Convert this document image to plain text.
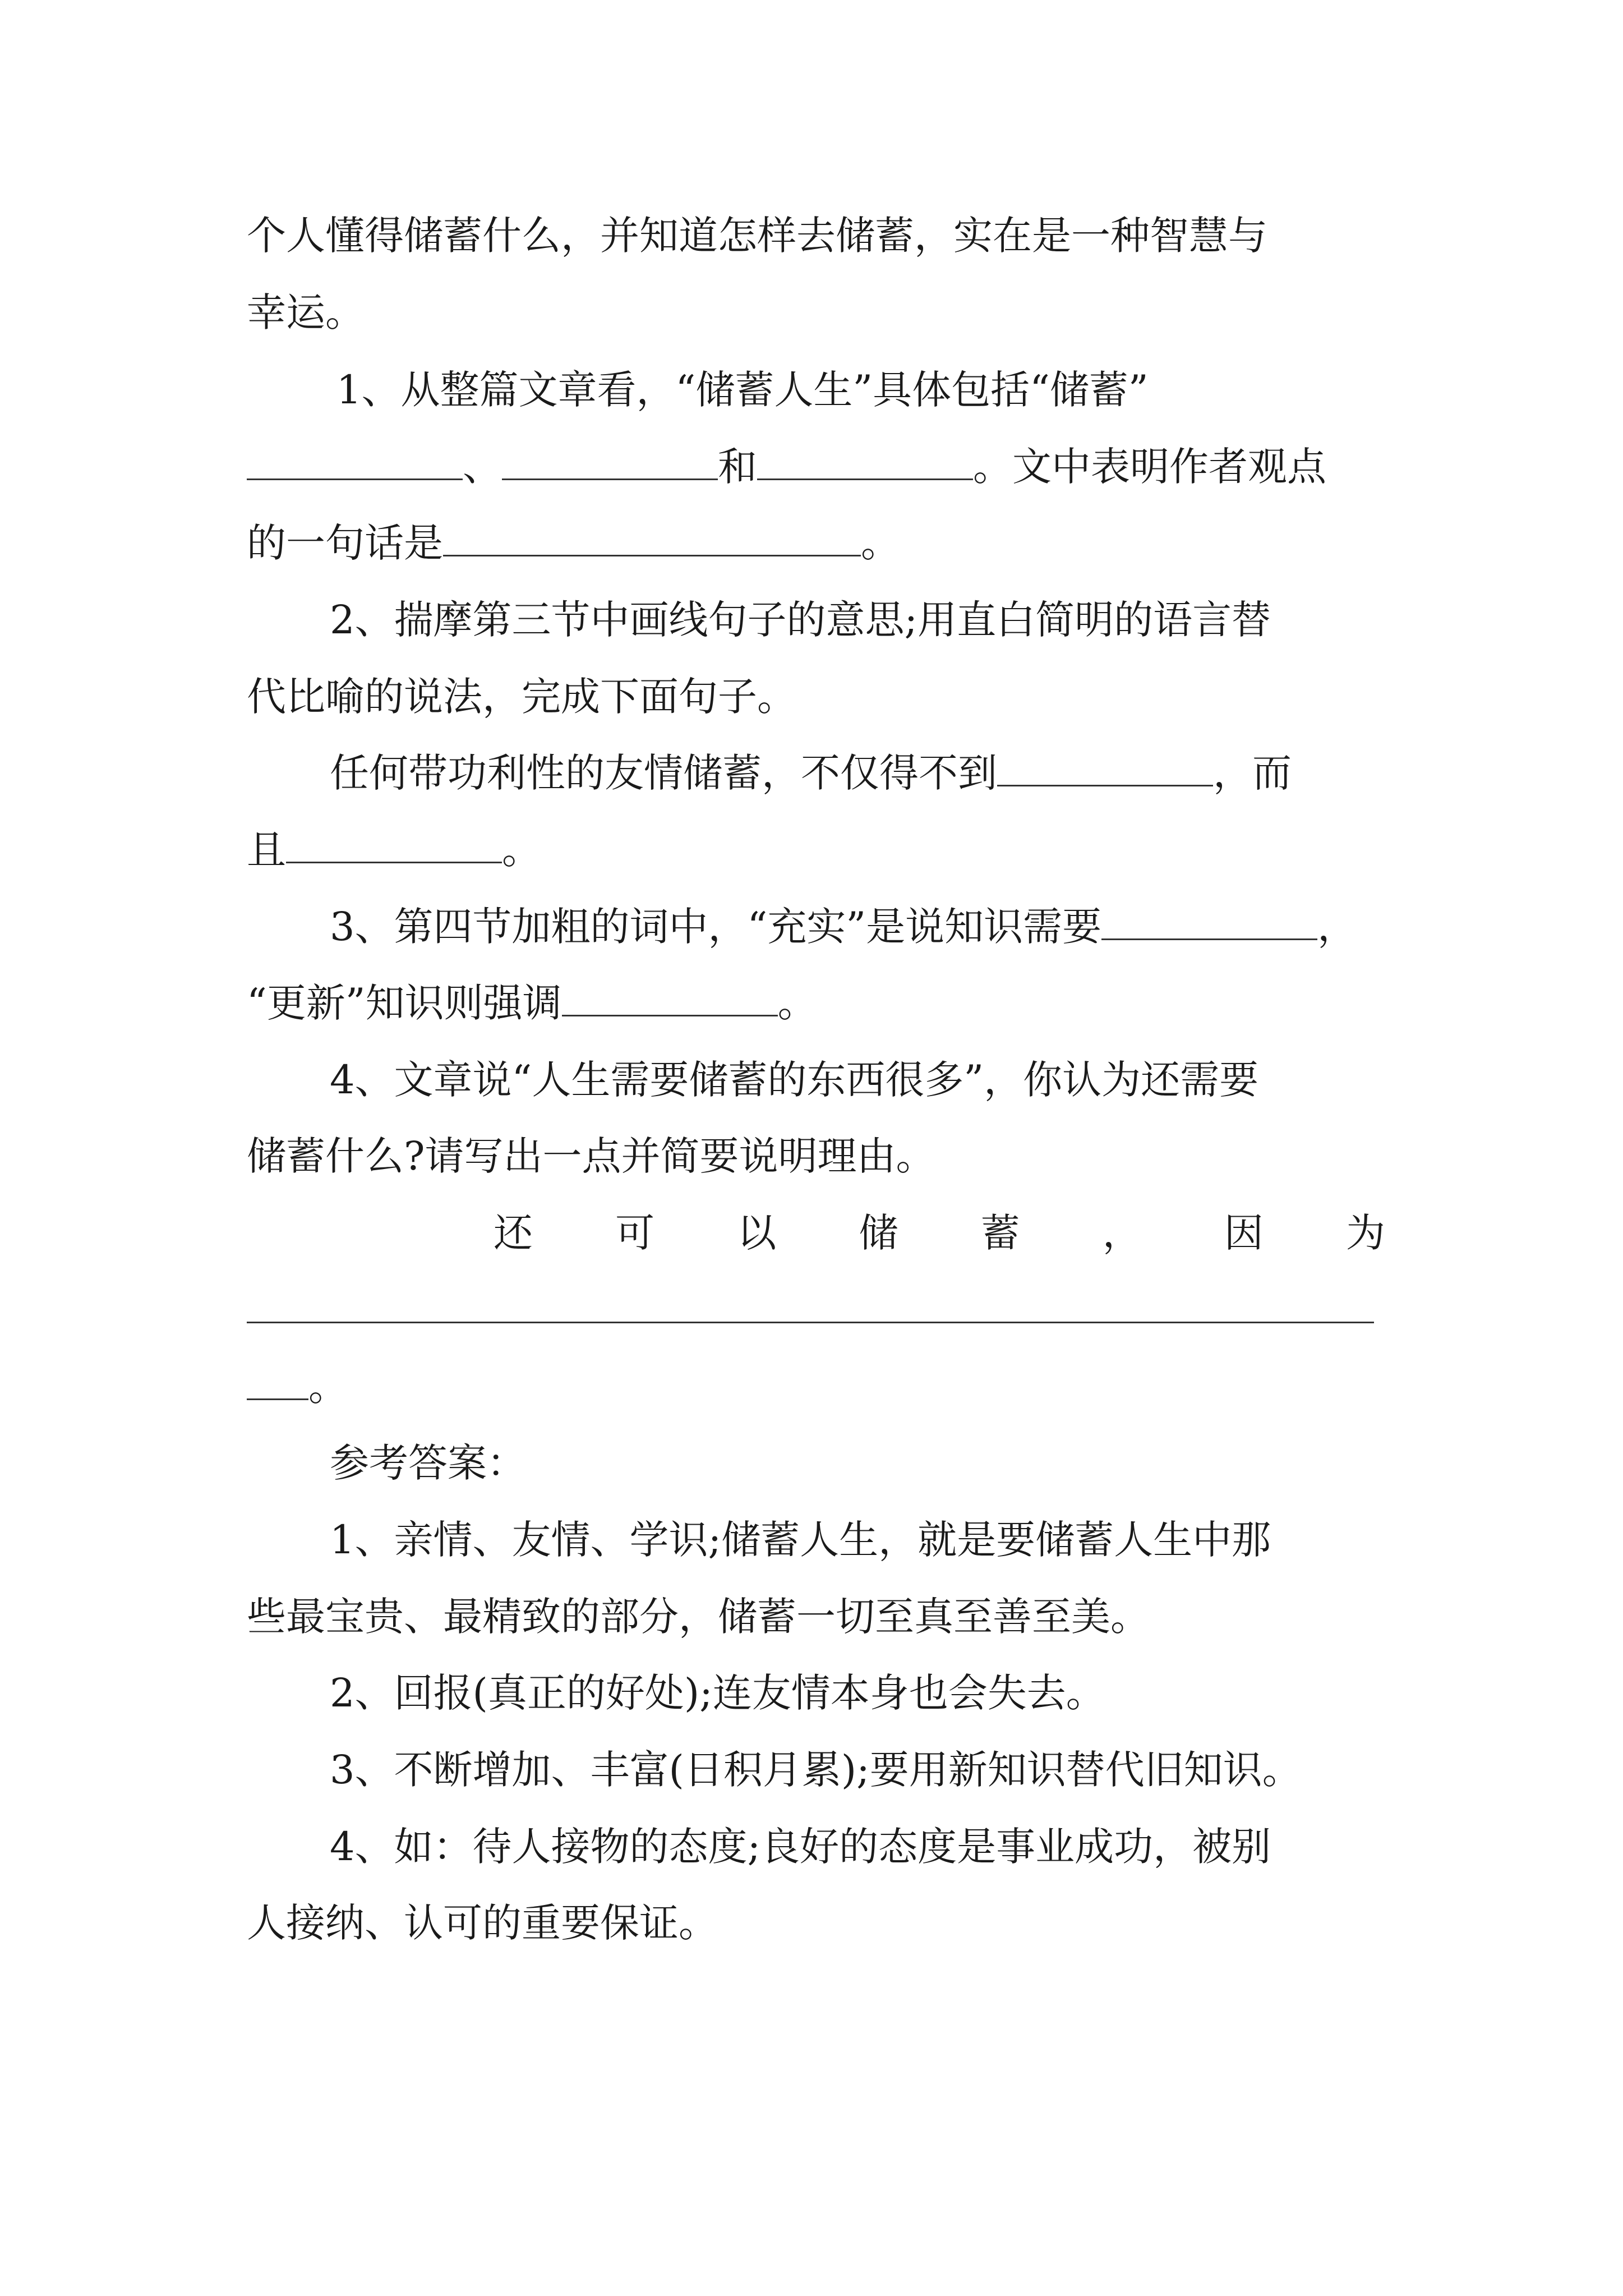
个人懂得储蓄什么，并知道怎样去储蓄，实在是一种智慧与
幸运。
1、从整篇文章看，“储蓄人生”具体包括“储蓄”
、	和	。文中表明作者观点
的一句话是	。
2、揣摩第三节中画线句子的意思;用直白简明的语言替
代比喻的说法，完成下面句子。
任何带功利性的友情储蓄，不仅得不到	，而
且	。
3、第四节加粗的词中，“充实”是说知识需要	，
“更新”知识则强调	。
4、文章说“人生需要储蓄的东西很多”，你认为还需要
储蓄什么?请写出一点并简要说明理由。
还 可 以 储 蓄 ， 因 为
。
参考答案：
1、亲情、友情、学识;储蓄人生，就是要储蓄人生中那
些最宝贵、最精致的部分，储蓄一切至真至善至美。
2、回报(真正的好处);连友情本身也会失去。
3、不断增加、丰富(日积月累);要用新知识替代旧知识。
4、如：待人接物的态度;良好的态度是事业成功，被别
人接纳、认可的重要保证。
